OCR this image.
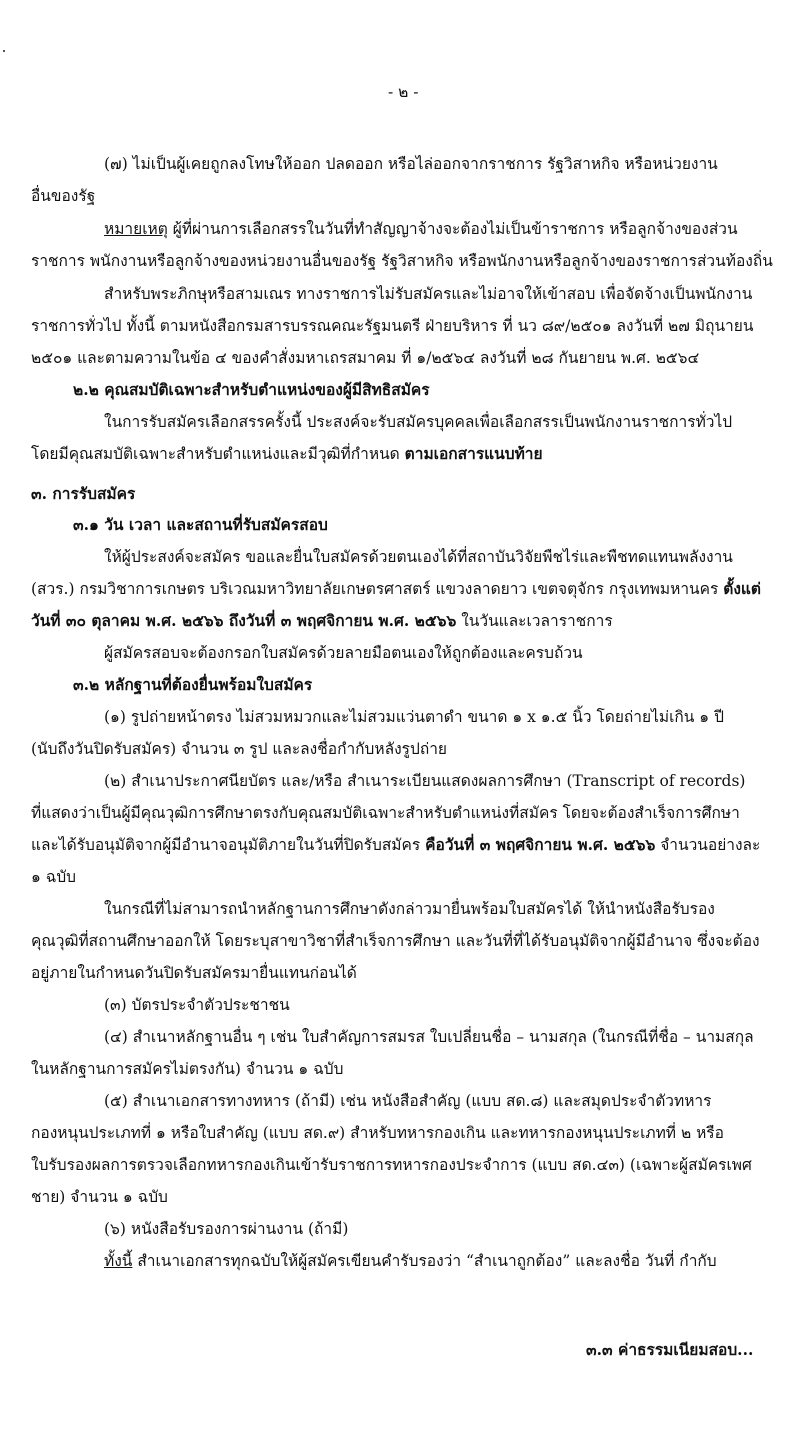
- ๒ -
(๗) ไม่เป็นผู้เคยถูกลงโทษให้ออก ปลดออก หรือไล่ออกจากราชการ รัฐวิสาหกิจ หรือหน่วยงาน
อื่นของรัฐ
หมายเหตุ ผู้ที่ผ่านการเลือกสรรในวันที่ทำสัญญาจ้างจะต้องไม่เป็นข้าราชการ หรือลูกจ้างของส่วน
ราชการ พนักงานหรือลูกจ้างของหน่วยงานอื่นของรัฐ รัฐวิสาหกิจ หรือพนักงานหรือลูกจ้างของราชการส่วนท้องถิ่น
สำหรับพระภิกษุหรือสามเณร ทางราชการไม่รับสมัครและไม่อาจให้เข้าสอบ เพื่อจัดจ้างเป็นพนักงาน
ราชการทั่วไป ทั้งนี้ ตามหนังสือกรมสารบรรณคณะรัฐมนตรี ฝ่ายบริหาร ที่ นว ๘๙/๒๕๐๑ ลงวันที่ ๒๗ มิถุนายน
๒๕๐๑ และตามความในข้อ ๔ ของคำสั่งมหาเถรสมาคม ที่ ๑/๒๕๖๔ ลงวันที่ ๒๘ กันยายน พ.ศ. ๒๕๖๔
๒.๒ คุณสมบัติเฉพาะสำหรับตำแหน่งของผู้มีสิทธิสมัคร
ในการรับสมัครเลือกสรรครั้งนี้ ประสงค์จะรับสมัครบุคคลเพื่อเลือกสรรเป็นพนักงานราชการทั่วไป
โดยมีคุณสมบัติเฉพาะสำหรับตำแหน่งและมีวุฒิที่กำหนด ตามเอกสารแนบท้าย
๓. การรับสมัคร
๓.๑ วัน เวลา และสถานที่รับสมัครสอบ
ให้ผู้ประสงค์จะสมัคร ขอและยื่นใบสมัครด้วยตนเองได้ที่สถาบันวิจัยพืชไร่และพืชทดแทนพลังงาน
(สวร.) กรมวิชาการเกษตร บริเวณมหาวิทยาลัยเกษตรศาสตร์ แขวงลาดยาว เขตจตุจักร กรุงเทพมหานคร ตั้งแต่
วันที่ ๓๐ ตุลาคม พ.ศ. ๒๕๖๖ ถึงวันที่ ๓ พฤศจิกายน พ.ศ. ๒๕๖๖ ในวันและเวลาราชการ
ผู้สมัครสอบจะต้องกรอกใบสมัครด้วยลายมือตนเองให้ถูกต้องและครบถ้วน
๓.๒ หลักฐานที่ต้องยื่นพร้อมใบสมัคร
(๑) รูปถ่ายหน้าตรง ไม่สวมหมวกและไม่สวมแว่นตาดำ ขนาด ๑ x ๑.๕ นิ้ว โดยถ่ายไม่เกิน ๑ ปี
(นับถึงวันปิดรับสมัคร) จำนวน ๓ รูป และลงชื่อกำกับหลังรูปถ่าย
(๒) สำเนาประกาศนียบัตร และ/หรือ สำเนาระเบียนแสดงผลการศึกษา (Transcript of records)
ที่แสดงว่าเป็นผู้มีคุณวุฒิการศึกษาตรงกับคุณสมบัติเฉพาะสำหรับตำแหน่งที่สมัคร โดยจะต้องสำเร็จการศึกษา
และได้รับอนุมัติจากผู้มีอำนาจอนุมัติภายในวันที่ปิดรับสมัคร คือวันที่ ๓ พฤศจิกายน พ.ศ. ๒๕๖๖ จำนวนอย่างละ
๑ ฉบับ
ในกรณีที่ไม่สามารถนำหลักฐานการศึกษาดังกล่าวมายื่นพร้อมใบสมัครได้ ให้นำหนังสือรับรอง
คุณวุฒิที่สถานศึกษาออกให้ โดยระบุสาขาวิชาที่สำเร็จการศึกษา และวันที่ที่ได้รับอนุมัติจากผู้มีอำนาจ ซึ่งจะต้อง
อยู่ภายในกำหนดวันปิดรับสมัครมายื่นแทนก่อนได้
(๓) บัตรประจำตัวประชาชน
(๔) สำเนาหลักฐานอื่น ๆ เช่น ใบสำคัญการสมรส ใบเปลี่ยนชื่อ – นามสกุล (ในกรณีที่ชื่อ – นามสกุล
ในหลักฐานการสมัครไม่ตรงกัน) จำนวน ๑ ฉบับ
(๕) สำเนาเอกสารทางทหาร (ถ้ามี) เช่น หนังสือสำคัญ (แบบ สด.๘) และสมุดประจำตัวทหาร
กองหนุนประเภทที่ ๑ หรือใบสำคัญ (แบบ สด.๙) สำหรับทหารกองเกิน และทหารกองหนุนประเภทที่ ๒ หรือ
ใบรับรองผลการตรวจเลือกทหารกองเกินเข้ารับราชการทหารกองประจำการ (แบบ สด.๔๓) (เฉพาะผู้สมัครเพศ
ชาย) จำนวน ๑ ฉบับ
(๖) หนังสือรับรองการผ่านงาน (ถ้ามี)
ทั้งนี้ สำเนาเอกสารทุกฉบับให้ผู้สมัครเขียนคำรับรองว่า “สำเนาถูกต้อง” และลงชื่อ วันที่ กำกับ
๓.๓ ค่าธรรมเนียมสอบ...
